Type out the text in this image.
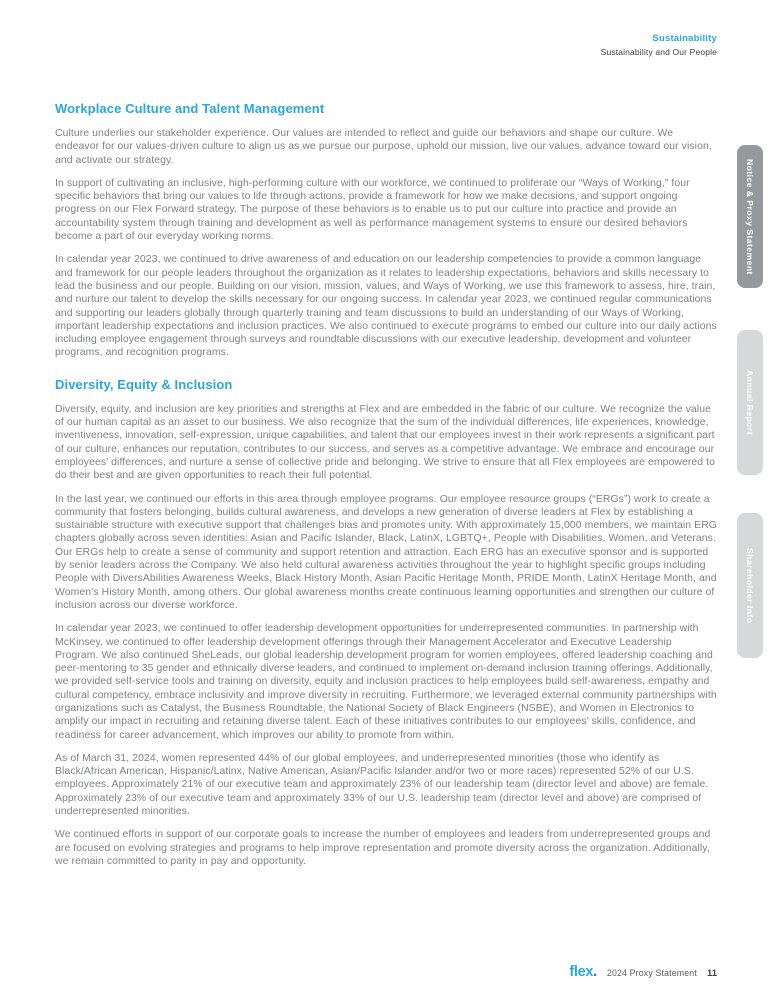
Sustainability
Sustainability and Our People
Notice & Proxy Statement
Annual Report
Shareholder Info
Workplace Culture and Talent Management

Culture underlies our stakeholder experience. Our values are intended to reflect and guide our behaviors and shape our culture. We endeavor for our values-driven culture to align us as we pursue our purpose, uphold our mission, live our values, advance toward our vision, and activate our strategy.

In support of cultivating an inclusive, high-performing culture with our workforce, we continued to proliferate our “Ways of Working,” four specific behaviors that bring our values to life through actions, provide a framework for how we make decisions, and support ongoing progress on our Flex Forward strategy. The purpose of these behaviors is to enable us to put our culture into practice and provide an accountability system through training and development as well as performance management systems to ensure our desired behaviors become a part of our everyday working norms.

In calendar year 2023, we continued to drive awareness of and education on our leadership competencies to provide a common language and framework for our people leaders throughout the organization as it relates to leadership expectations, behaviors and skills necessary to lead the business and our people. Building on our vision, mission, values, and Ways of Working, we use this framework to assess, hire, train, and nurture our talent to develop the skills necessary for our ongoing success. In calendar year 2023, we continued regular communications and supporting our leaders globally through quarterly training and team discussions to build an understanding of our Ways of Working, important leadership expectations and inclusion practices. We also continued to execute programs to embed our culture into our daily actions including employee engagement through surveys and roundtable discussions with our executive leadership, development and volunteer programs, and recognition programs.

Diversity, Equity & Inclusion

Diversity, equity, and inclusion are key priorities and strengths at Flex and are embedded in the fabric of our culture. We recognize the value of our human capital as an asset to our business. We also recognize that the sum of the individual differences, life experiences, knowledge, inventiveness, innovation, self-expression, unique capabilities, and talent that our employees invest in their work represents a significant part of our culture, enhances our reputation, contributes to our success, and serves as a competitive advantage. We embrace and encourage our employees’ differences, and nurture a sense of collective pride and belonging. We strive to ensure that all Flex employees are empowered to do their best and are given opportunities to reach their full potential.

In the last year, we continued our efforts in this area through employee programs. Our employee resource groups (“ERGs”) work to create a community that fosters belonging, builds cultural awareness, and develops a new generation of diverse leaders at Flex by establishing a sustainable structure with executive support that challenges bias and promotes unity. With approximately 15,000 members, we maintain ERG chapters globally across seven identities: Asian and Pacific Islander, Black, LatinX, LGBTQ+, People with Disabilities, Women, and Veterans. Our ERGs help to create a sense of community and support retention and attraction. Each ERG has an executive sponsor and is supported by senior leaders across the Company. We also held cultural awareness activities throughout the year to highlight specific groups including People with DiversAbilities Awareness Weeks, Black History Month, Asian Pacific Heritage Month, PRIDE Month, LatinX Heritage Month, and Women’s History Month, among others. Our global awareness months create continuous learning opportunities and strengthen our culture of inclusion across our diverse workforce.

In calendar year 2023, we continued to offer leadership development opportunities for underrepresented communities. In partnership with McKinsey, we continued to offer leadership development offerings through their Management Accelerator and Executive Leadership Program. We also continued SheLeads, our global leadership development program for women employees, offered leadership coaching and peer-mentoring to 35 gender and ethnically diverse leaders, and continued to implement on-demand inclusion training offerings. Additionally, we provided self-service tools and training on diversity, equity and inclusion practices to help employees build self-awareness, empathy and cultural competency, embrace inclusivity and improve diversity in recruiting. Furthermore, we leveraged external community partnerships with organizations such as Catalyst, the Business Roundtable, the National Society of Black Engineers (NSBE), and Women in Electronics to amplify our impact in recruiting and retaining diverse talent. Each of these initiatives contributes to our employees’ skills, confidence, and readiness for career advancement, which improves our ability to promote from within.

As of March 31, 2024, women represented 44% of our global employees, and underrepresented minorities (those who identify as Black/African American, Hispanic/Latinx, Native American, Asian/Pacific Islander and/or two or more races) represented 52% of our U.S. employees. Approximately 21% of our executive team and approximately 23% of our leadership team (director level and above) are female. Approximately 23% of our executive team and approximately 33% of our U.S. leadership team (director level and above) are comprised of underrepresented minorities.

We continued efforts in support of our corporate goals to increase the number of employees and leaders from underrepresented groups and are focused on evolving strategies and programs to help improve representation and promote diversity across the organization. Additionally, we remain committed to parity in pay and opportunity.

flex. 2024 Proxy Statement 11
